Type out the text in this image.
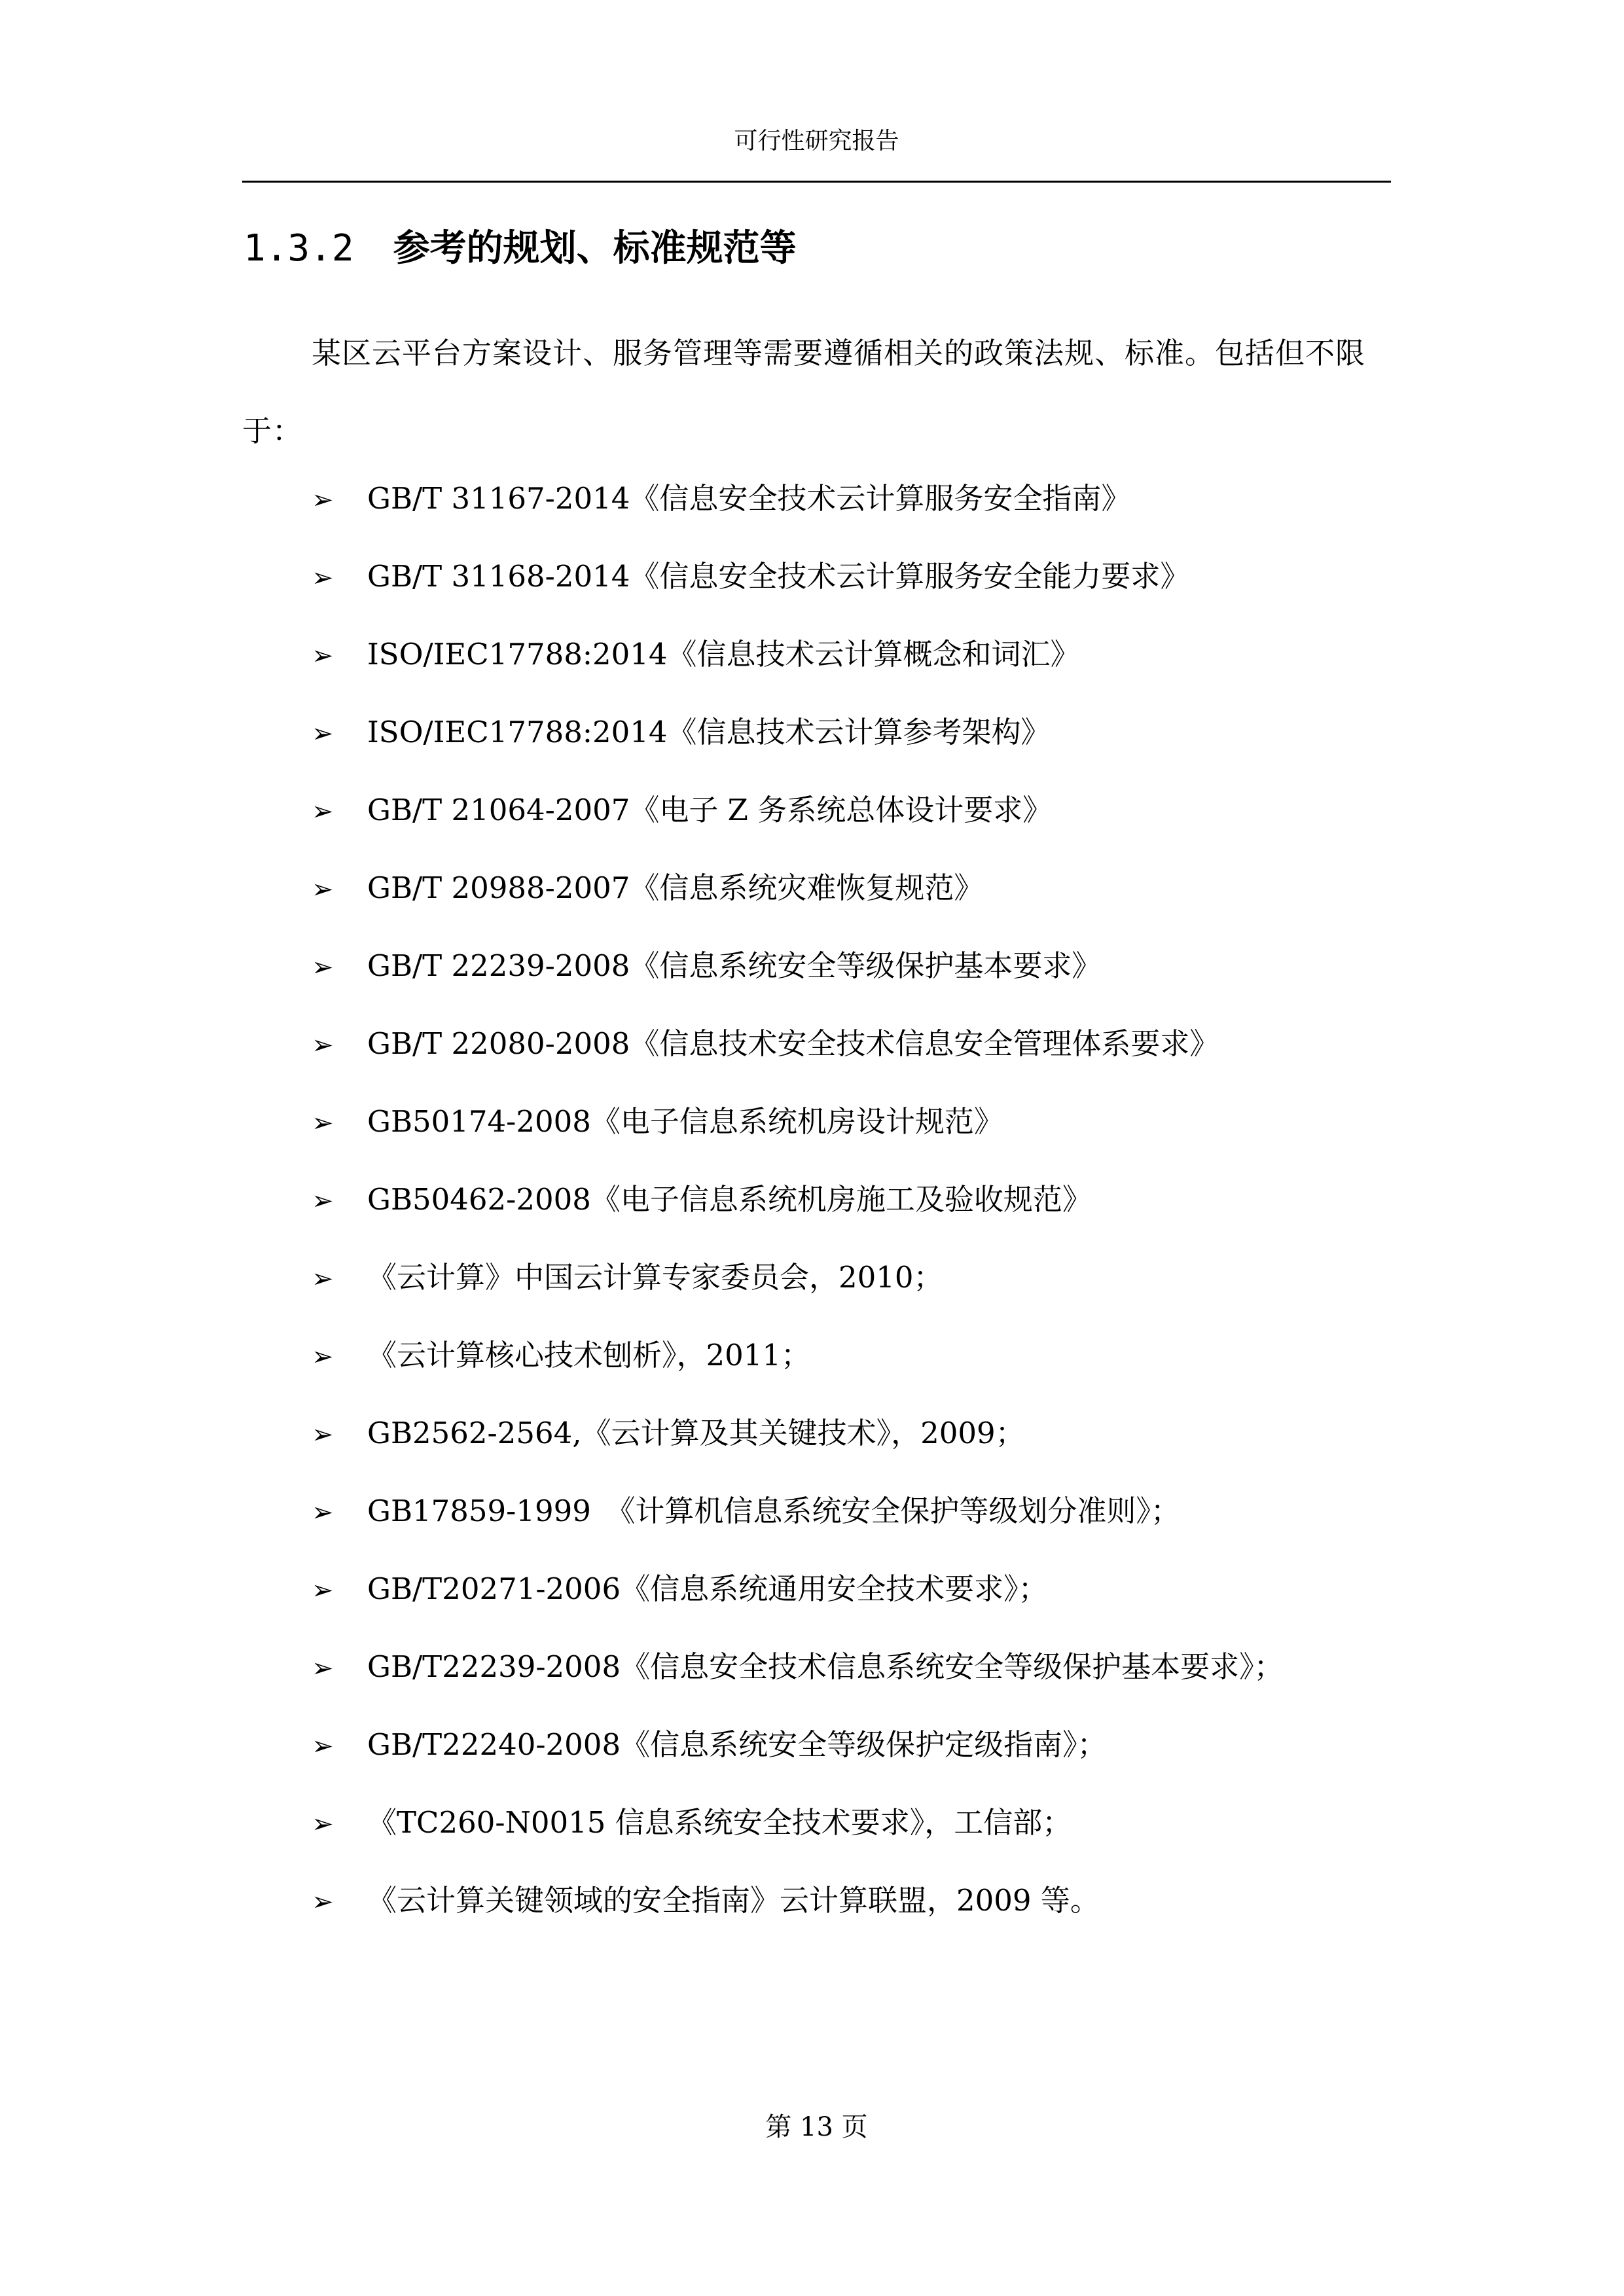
可行性研究报告
1.3.2 参考的规划、标准规范等

某区云平台方案设计、服务管理等需要遵循相关的政策法规、标准。包括但不限于：

➢ GB/T 31167-2014《信息安全技术云计算服务安全指南》
➢ GB/T 31168-2014《信息安全技术云计算服务安全能力要求》
➢ ISO/IEC17788:2014《信息技术云计算概念和词汇》
➢ ISO/IEC17788:2014《信息技术云计算参考架构》
➢ GB/T 21064-2007《电子 Z 务系统总体设计要求》
➢ GB/T 20988-2007《信息系统灾难恢复规范》
➢ GB/T 22239-2008《信息系统安全等级保护基本要求》
➢ GB/T 22080-2008《信息技术安全技术信息安全管理体系要求》
➢ GB50174-2008《电子信息系统机房设计规范》
➢ GB50462-2008《电子信息系统机房施工及验收规范》
➢ 《云计算》中国云计算专家委员会，2010；
➢ 《云计算核心技术刨析》，2011；
➢ GB2562-2564,《云计算及其关键技术》，2009；
➢ GB17859-1999　《计算机信息系统安全保护等级划分准则》；
➢ GB/T20271-2006《信息系统通用安全技术要求》；
➢ GB/T22239-2008《信息安全技术信息系统安全等级保护基本要求》；
➢ GB/T22240-2008《信息系统安全等级保护定级指南》；
➢ 《TC260-N0015 信息系统安全技术要求》，工信部；
➢ 《云计算关键领域的安全指南》云计算联盟，2009 等。
第 13 页
